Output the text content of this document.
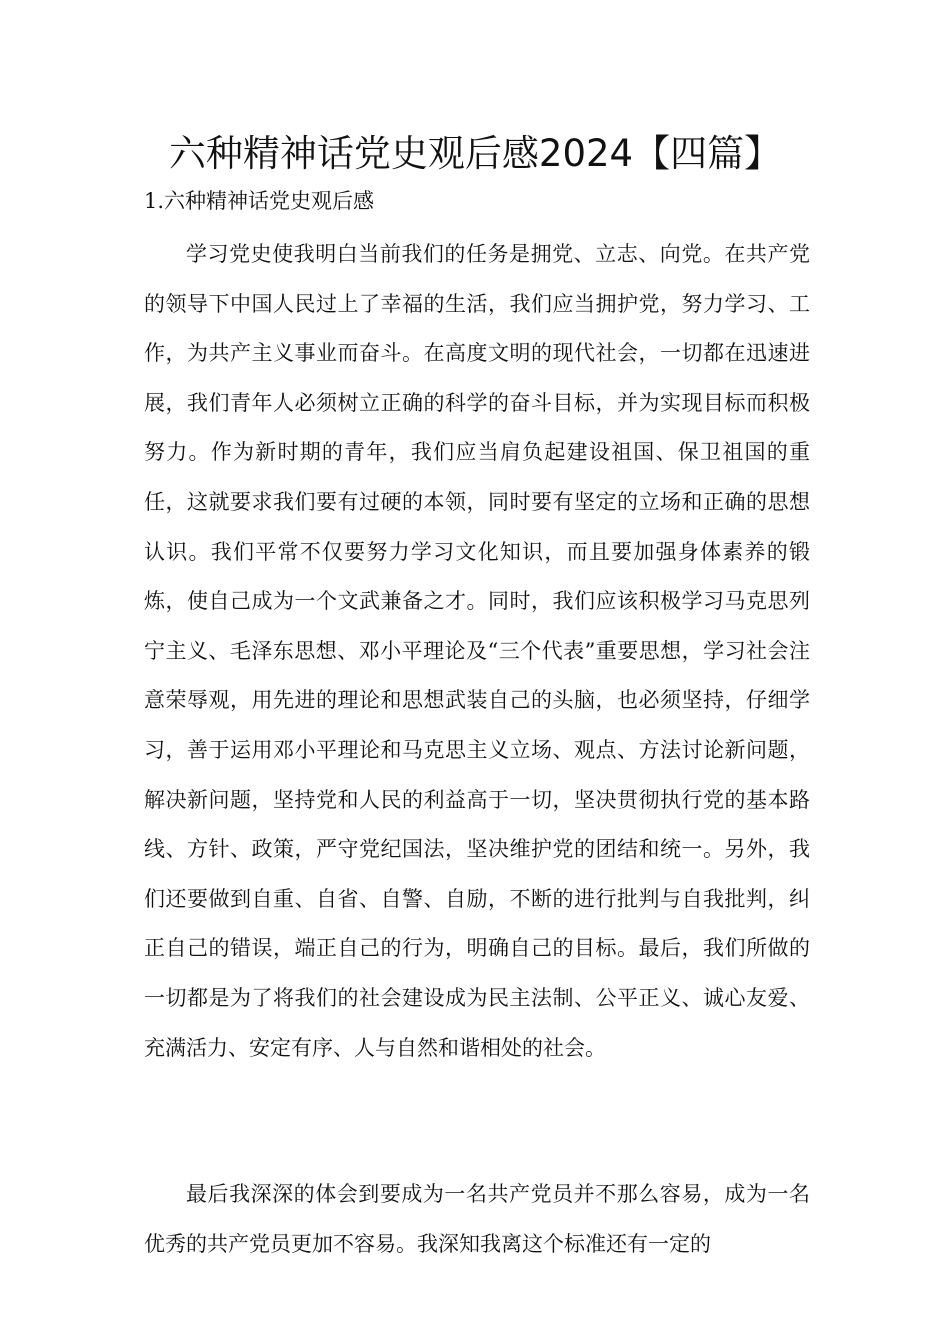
六种精神话党史观后感2024【四篇】
1.六种精神话党史观后感

学习党史使我明白当前我们的任务是拥党、立志、向党。在共产党的领导下中国人民过上了幸福的生活，我们应当拥护党，努力学习、工作，为共产主义事业而奋斗。在高度文明的现代社会，一切都在迅速进展，我们青年人必须树立正确的科学的奋斗目标，并为实现目标而积极努力。作为新时期的青年，我们应当肩负起建设祖国、保卫祖国的重任，这就要求我们要有过硬的本领，同时要有坚定的立场和正确的思想认识。我们平常不仅要努力学习文化知识，而且要加强身体素养的锻炼，使自己成为一个文武兼备之才。同时，我们应该积极学习马克思列宁主义、毛泽东思想、邓小平理论及“三个代表”重要思想，学习社会注意荣辱观，用先进的理论和思想武装自己的头脑，也必须坚持，仔细学习，善于运用邓小平理论和马克思主义立场、观点、方法讨论新问题，解决新问题，坚持党和人民的利益高于一切，坚决贯彻执行党的基本路线、方针、政策，严守党纪国法，坚决维护党的团结和统一。另外，我们还要做到自重、自省、自警、自励，不断的进行批判与自我批判，纠正自己的错误，端正自己的行为，明确自己的目标。最后，我们所做的一切都是为了将我们的社会建设成为民主法制、公平正义、诚心友爱、充满活力、安定有序、人与自然和谐相处的社会。

最后我深深的体会到要成为一名共产党员并不那么容易，成为一名优秀的共产党员更加不容易。我深知我离这个标准还有一定的
